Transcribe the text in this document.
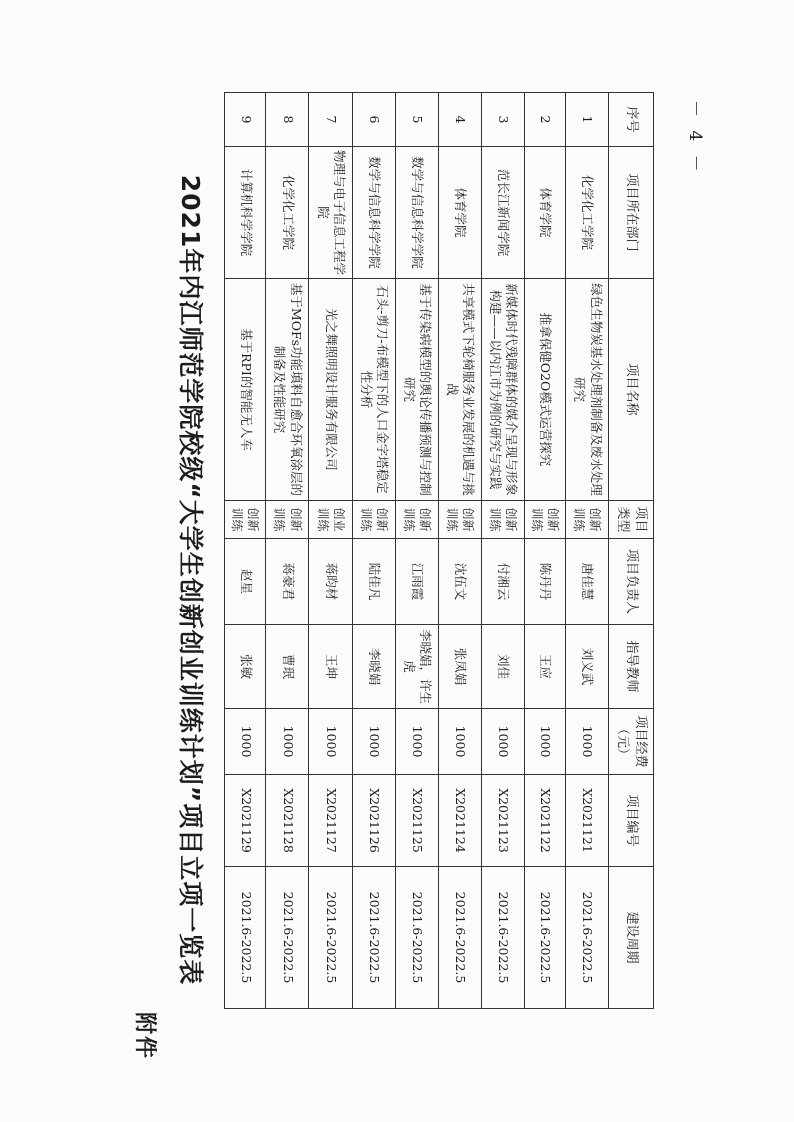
附件
2021年内江师范学院校级“大学生创新创业训练计划”项目立项一览表
－ 4 －
序号	项目所在部门	项目名称	项目类型	项目负责人	指导教师	项目经费（元）	项目编号	建设周期
1	化学化工学院	绿色生物炭基水处理剂制备及废水处理研究	创新训练	唐佳慧	刘义武	1000	X2021121	2021.6-2022.5
2	体育学院	推拿保健O2O模式运营探究	创新训练	陈丹丹	王应	1000	X2021122	2021.6-2022.5
3	范长江新闻学院	新媒体时代残障群体的媒介呈现与形象构建——以内江市为例的研究与实践	创新训练	付湘云	刘佳	1000	X2021123	2021.6-2022.5
4	体育学院	共享模式下轮椅服务业发展的机遇与挑战	创新训练	沈伍文	张凤娟	1000	X2021124	2021.6-2022.5
5	数学与信息科学学院	基于传染病模型的舆论传播预测与控制研究	创新训练	江雨霞	李晓娟，许生虎	1000	X2021125	2021.6-2022.5
6	数学与信息科学学院	石头-剪刀-布模型下的人口金字塔稳定性分析	创新训练	陆佳凡	李晓娟	1000	X2021126	2021.6-2022.5
7	物理与电子信息工程学院	光之舞照明设计服务有限公司	创业训练	蒋昀材	王坤	1000	X2021127	2021.6-2022.5
8	化学化工学院	基于MOFs功能填料自愈合环氧涂层的制备及性能研究	创新训练	蒋豪君	曹珉	1000	X2021128	2021.6-2022.5
9	计算机科学学院	基于RPI的智能无人车	创新训练	赵星	张敏	1000	X2021129	2021.6-2022.5
